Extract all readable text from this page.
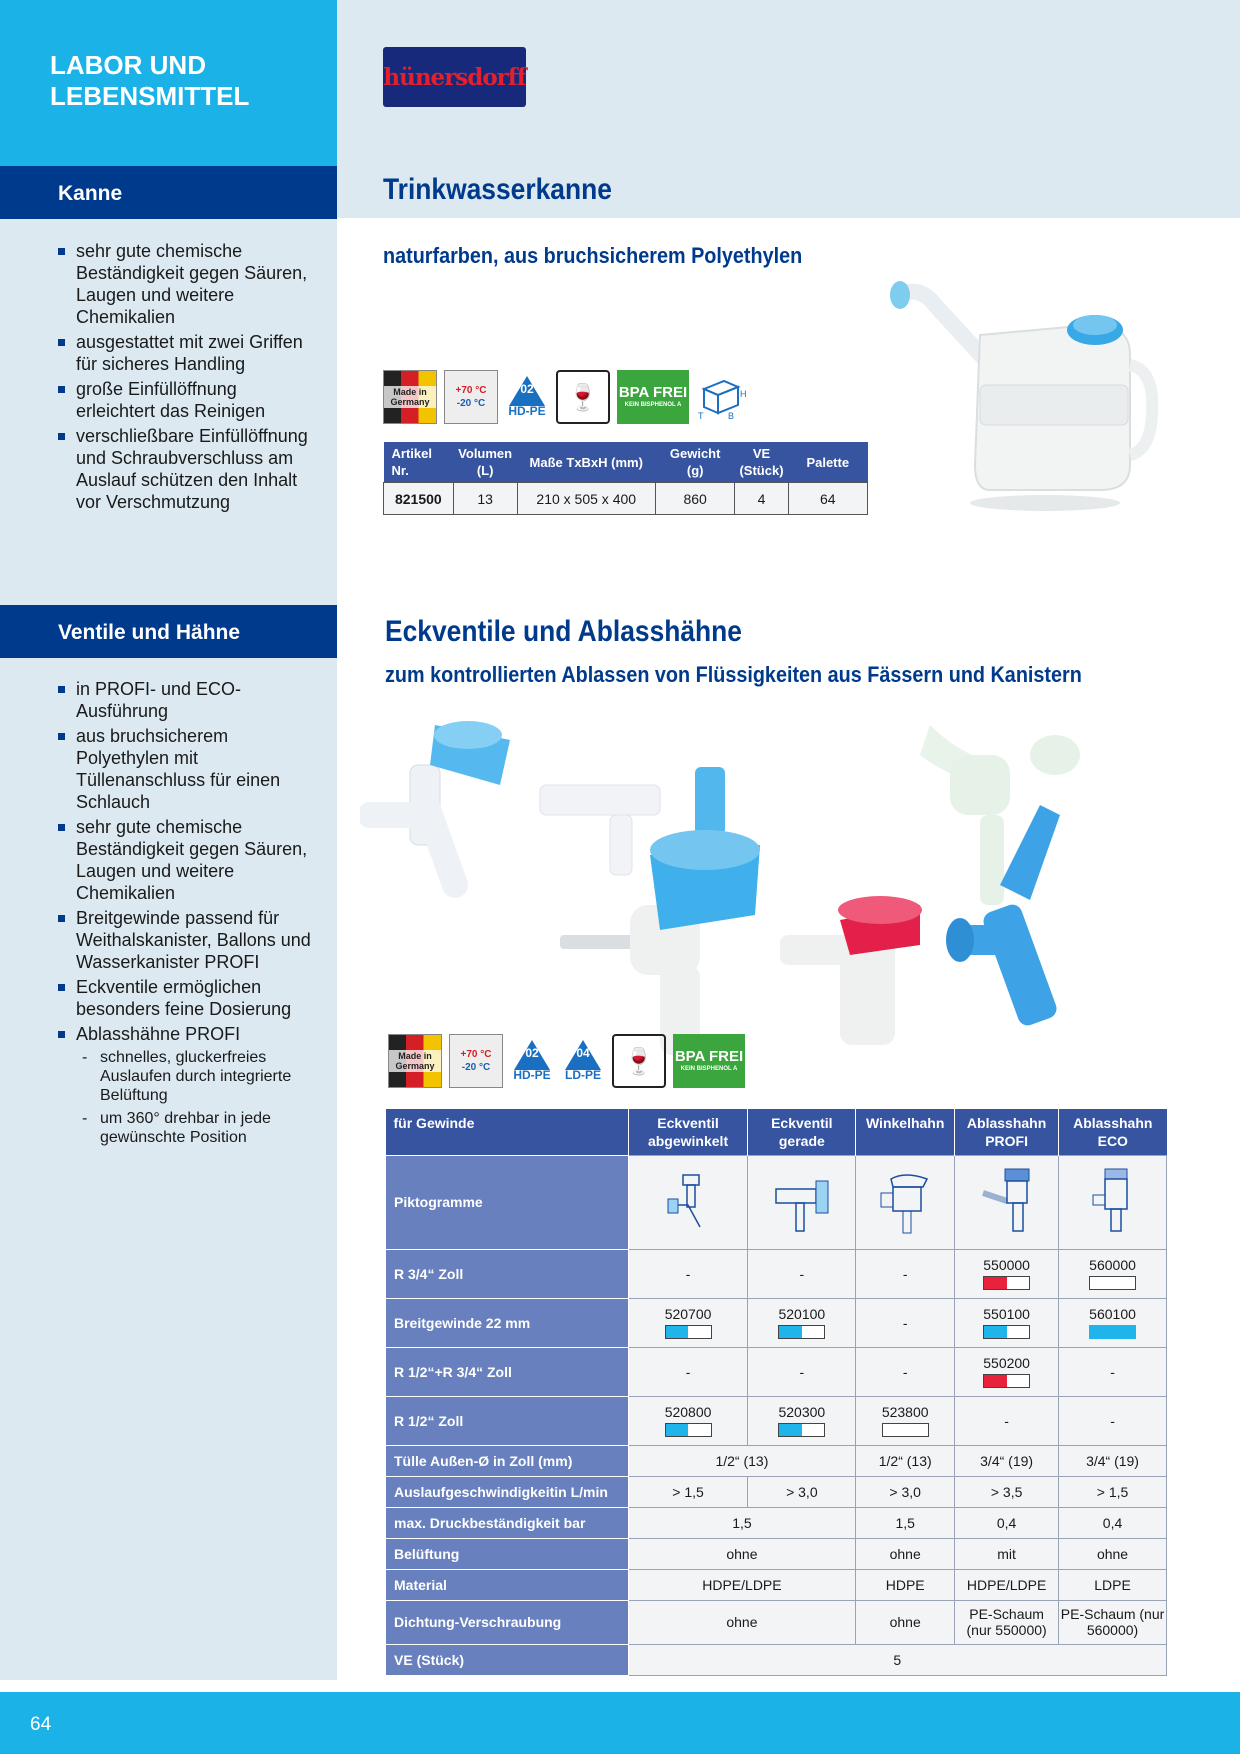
LABOR UND LEBENSMITTEL
hünersdorff
Kanne
sehr gute chemische Beständigkeit gegen Säuren, Laugen und weitere Chemikalien
ausgestattet mit zwei Griffen für sicheres Handling
große Einfüllöffnung erleichtert das Reinigen
verschließbare Einfüllöffnung und Schraubverschluss am Auslauf schützen den Inhalt vor Verschmutzung
Ventile und Hähne
in PROFI- und ECO-Ausführung
aus bruchsicherem Polyethylen mit Tüllenanschluss für einen Schlauch
sehr gute chemische Beständigkeit gegen Säuren, Laugen und weitere Chemikalien
Breitgewinde passend für Weithalskanister, Ballons und Wasserkanister PROFI
Eckventile ermöglichen besonders feine Dosierung
Ablasshähne PROFI
- schnelles, gluckerfreies Auslaufen durch integrierte Belüftung
- um 360° drehbar in jede gewünschte Position
Trinkwasserkanne
naturfarben, aus bruchsicherem Polyethylen
Made in Germany
+70 °C
-20 °C
02
HD-PE 🍷	BPA FREI
KEIN BISPHENOL A
H
T	B
Artikel Nr.	Volumen (L)	Maße TxBxH (mm)	Gewicht (g)	VE (Stück)	Palette
821500	13	210 x 505 x 400	860	4	64
Eckventile und Ablasshähne
zum kontrollierten Ablassen von Flüssigkeiten aus Fässern und Kanistern
Made in Germany
+70 °C
-20 °C
02
HD-PE
04
LD-PE 🍷	BPA FREI
KEIN BISPHENOL A
für Gewinde	Eckventil abgewinkelt	Eckventil gerade	Winkelhahn	Ablasshahn PROFI	Ablasshahn ECO
Piktogramme	

R 3/4“ Zoll	-	-	-	550000	560000

Breitgewinde 22 mm	520700	520100	-	550100	560100

R 1/2“+R 3/4“ Zoll	-	-	-	550200	-
R 1/2“ Zoll	520800	520300	523800	-	-
Tülle Außen-Ø in Zoll (mm)	1/2“ (13)		1/2“ (13)	3/4“ (19)	3/4“ (19)
Auslaufgeschwindigkeitin L/min	> 1,5	> 3,0	> 3,0	> 3,5	> 1,5
max. Druckbeständigkeit bar	1,5		1,5	0,4	0,4
Belüftung	ohne		ohne	mit	ohne
Material	HDPE/LDPE		HDPE	HDPE/LDPE	LDPE
Dichtung-Verschraubung	ohne		ohne	PE-Schaum (nur 550000)	PE-Schaum (nur 560000)
VE (Stück)	5				
64
